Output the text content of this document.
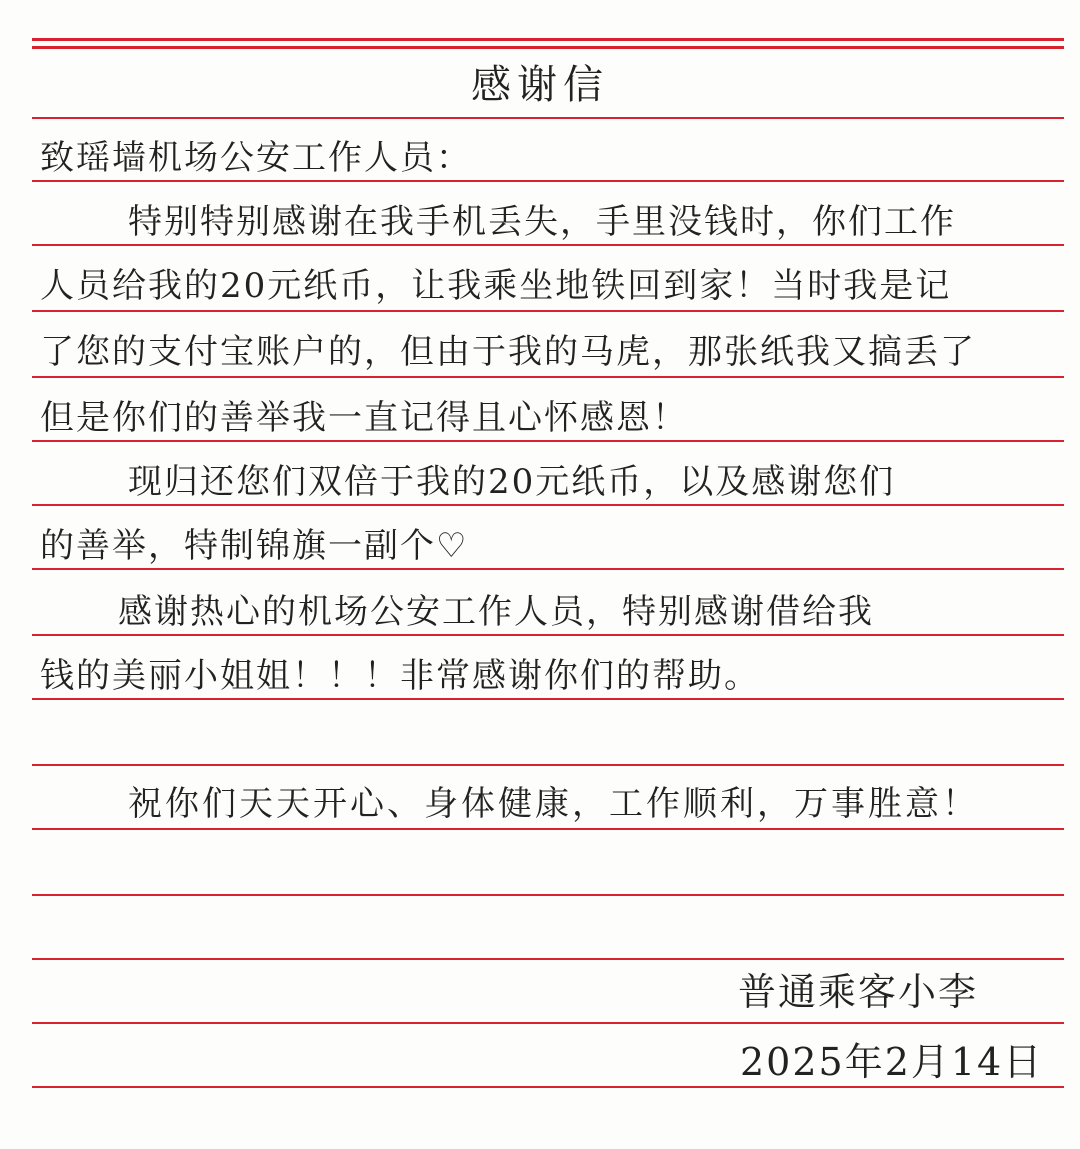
感谢信
致瑶墙机场公安工作人员：
特别特别感谢在我手机丢失，手里没钱时，你们工作
人员给我的20元纸币，让我乘坐地铁回到家！当时我是记
了您的支付宝账户的，但由于我的马虎，那张纸我又搞丢了
但是你们的善举我一直记得且心怀感恩！
现归还您们双倍于我的20元纸币，以及感谢您们
的善举，特制锦旗一副个♡
感谢热心的机场公安工作人员，特别感谢借给我
钱的美丽小姐姐！！！非常感谢你们的帮助。
祝你们天天开心、身体健康，工作顺利，万事胜意！
普通乘客小李
2025年2月14日
